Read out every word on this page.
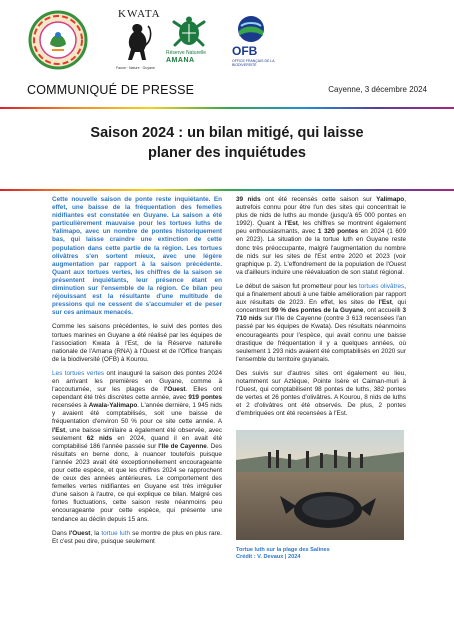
KWATA
Faune · Nature · Guyane
Réserve Naturelle
AMANA
OFB
OFFICE FRANÇAIS DE LA BIODIVERSITÉ
COMMUNIQUÉ DE PRESSE	Cayenne, 3 décembre 2024
Saison 2024 : un bilan mitigé, qui laisse
planer des inquiétudes

Cette nouvelle saison de ponte reste inquiétante. En effet, une baisse de la fréquentation des femelles nidifiantes est constatée en Guyane. La saison a été particulièrement mauvaise pour les tortues luths de Yalimapo, avec un nombre de pontes historiquement bas, qui laisse craindre une extinction de cette population dans cette partie de la région. Les tortues olivâtres s'en sortent mieux, avec une légère augmentation par rapport à la saison précédente. Quant aux tortues vertes, les chiffres de la saison se présentent inquiétants, leur présence étant en diminution sur l'ensemble de la région. Ce bilan peu réjouissant est la résultante d'une multitude de pressions qui ne cessent de s'accumuler et de peser sur ces animaux menacés.

Comme les saisons précédentes, le suivi des pontes des tortues marines en Guyane a été réalisé par les équipes de l'association Kwata à l'Est, de la Réserve naturelle nationale de l'Amana (RNA) à l'Ouest et de l'Office français de la biodiversité (OFB) à Kourou.

Les tortues vertes ont inauguré la saison des pontes 2024 en arrivant les premières en Guyane, comme à l'accoutumée, sur les plages de l'Ouest. Elles ont cependant été très discrètes cette année, avec 919 pontes recensées à Awala-Yalimapo. L'année dernière, 1 945 nids y avaient été comptabilisés, soit une baisse de fréquentation d'environ 50 % pour ce site cette année. A l'Est, une baisse similaire a également été observée, avec seulement 62 nids en 2024, quand il en avait été comptabilisé 186 l'année passée sur l'Ile de Cayenne. Des résultats en berne donc, à nuancer toutefois puisque l'année 2023 avait été exceptionnellement encourageante pour cette espèce, et que les chiffres 2024 se rapprochent de ceux des années antérieures. Le comportement des femelles vertes nidifiantes en Guyane est très irrégulier d'une saison à l'autre, ce qui explique ce bilan. Malgré ces fortes fluctuations, cette saison reste néanmoins peu encourageante pour cette espèce, qui présente une tendance au déclin depuis 15 ans.

Dans l'Ouest, la tortue luth se montre de plus en plus rare. Et c'est peu dire, puisque seulement

39 nids ont été recensés cette saison sur Yalimapo, autrefois connu pour être l'un des sites qui concentrait le plus de nids de luths au monde (jusqu'à 65 000 pontes en 1992). Quant à l'Est, les chiffres se montrent également peu enthousiasmants, avec 1 320 pontes en 2024 (1 609 en 2023). La situation de la tortue luth en Guyane reste donc très préoccupante, malgré l'augmentation du nombre de nids sur les sites de l'Est entre 2020 et 2023 (voir graphique p. 2). L'effondrement de la population de l'Ouest va d'ailleurs induire une réévaluation de son statut régional.

Le début de saison fut prometteur pour les tortues olivâtres, qui a finalement abouti à une faible amélioration par rapport aux résultats de 2023. En effet, les sites de l'Est, qui concentrent 99 % des pontes de la Guyane, ont accueilli 3 710 nids sur l'Ile de Cayenne (contre 3 613 recensées l'an passé par les équipes de Kwata). Des résultats néanmoins encourageants pour l'espèce, qui avait connu une baisse drastique de fréquentation il y a quelques années, où seulement 1 293 nids avaient été comptabilisés en 2020 sur l'ensemble du territoire guyanais.

Des suivis sur d'autres sites ont également eu lieu, notamment sur Aztèque, Pointe Isère et Caiman-muri à l'Ouest, qui comptabilisent 98 pontes de luths, 382 pontes de vertes et 26 pontes d'olivâtres. A Kourou, 8 nids de luths et 2 d'olivâtres ont été observés. De plus, 2 pontes d'embriquées ont été recensées à l'Est.

Tortue luth sur la plage des Salines
Crédit : V. Devaux | 2024
